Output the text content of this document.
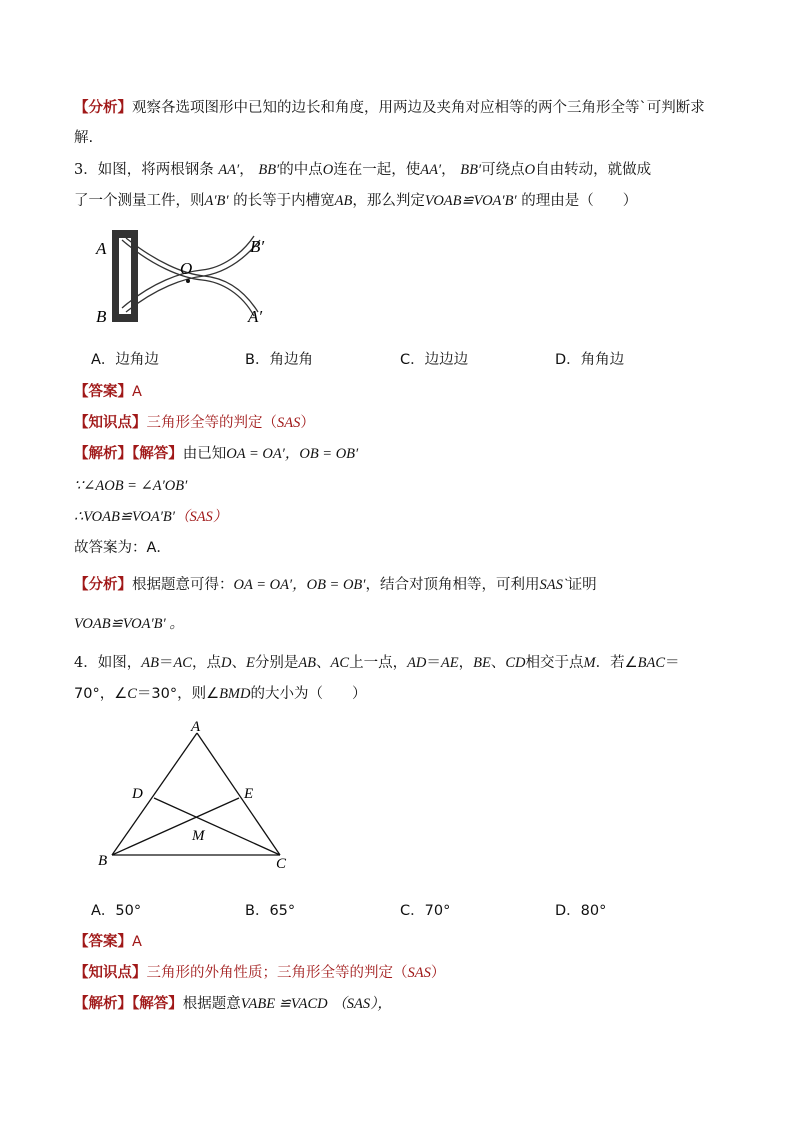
【分析】观察各选项图形中已知的边长和角度，用两边及夹角对应相等的两个三角形全等`可判断求
解.
3．如图，将两根钢条 AA′， BB′的中点O连在一起，使AA′， BB′可绕点O自由转动，就做成
了一个测量工件，则A′B′ 的长等于内槽宽AB，那么判定VOAB≌VOA′B′ 的理由是（　　）
A
B
O
B′
A′
A．边角边	B．角边角	C．边边边	D．角角边
【答案】A
【知识点】三角形全等的判定（SAS）
【解析】【解答】由已知OA = OA′，OB = OB′
∵∠AOB = ∠A′OB′
∴VOAB≌VOA′B′（SAS）
故答案为：A．
【分析】根据题意可得：OA = OA′，OB = OB′，结合对顶角相等，可利用SAS`证明
VOAB≌VOA′B′ 。
4．如图，AB＝AC，点D、E分别是AB、AC上一点，AD＝AE，BE、CD相交于点M．若∠BAC＝
70°，∠C＝30°，则∠BMD的大小为（　　）
A
B	C
D	E
M
A．50°	B．65°	C．70°	D．80°
【答案】A
【知识点】三角形的外角性质；三角形全等的判定（SAS）
【解析】【解答】根据题意VABE ≌VACD （SAS），
